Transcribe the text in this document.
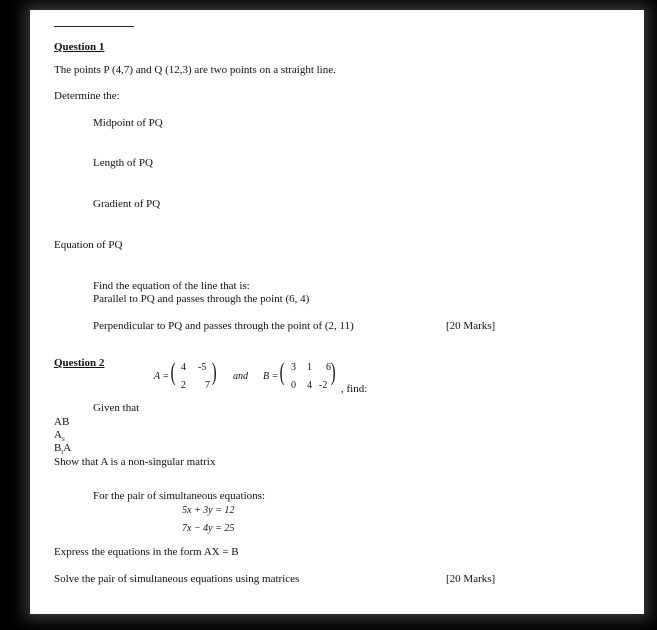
Question 1
The points P (4,7) and Q (12,3) are two points on a straight line.
Determine the:
Midpoint of PQ
Length of PQ
Gradient of PQ
Equation of PQ
Find the equation of the line that is:
Parallel to PQ and passes through the point (6, 4)
Perpendicular to PQ and passes through the point of (2, 11)	[20 Marks]
Question 2
A = ( 4 -5
2 7 ) and B = ( 3 1 6
0 4 -2 )
, find:
Given that
AB
$A_s$
$B_tA$
Show that A is a non-singular matrix
For the pair of simultaneous equations:
5x + 3y = 12
7x − 4y = 25
Express the equations in the form AX = B
Solve the pair of simultaneous equations using matrices	[20 Marks]
